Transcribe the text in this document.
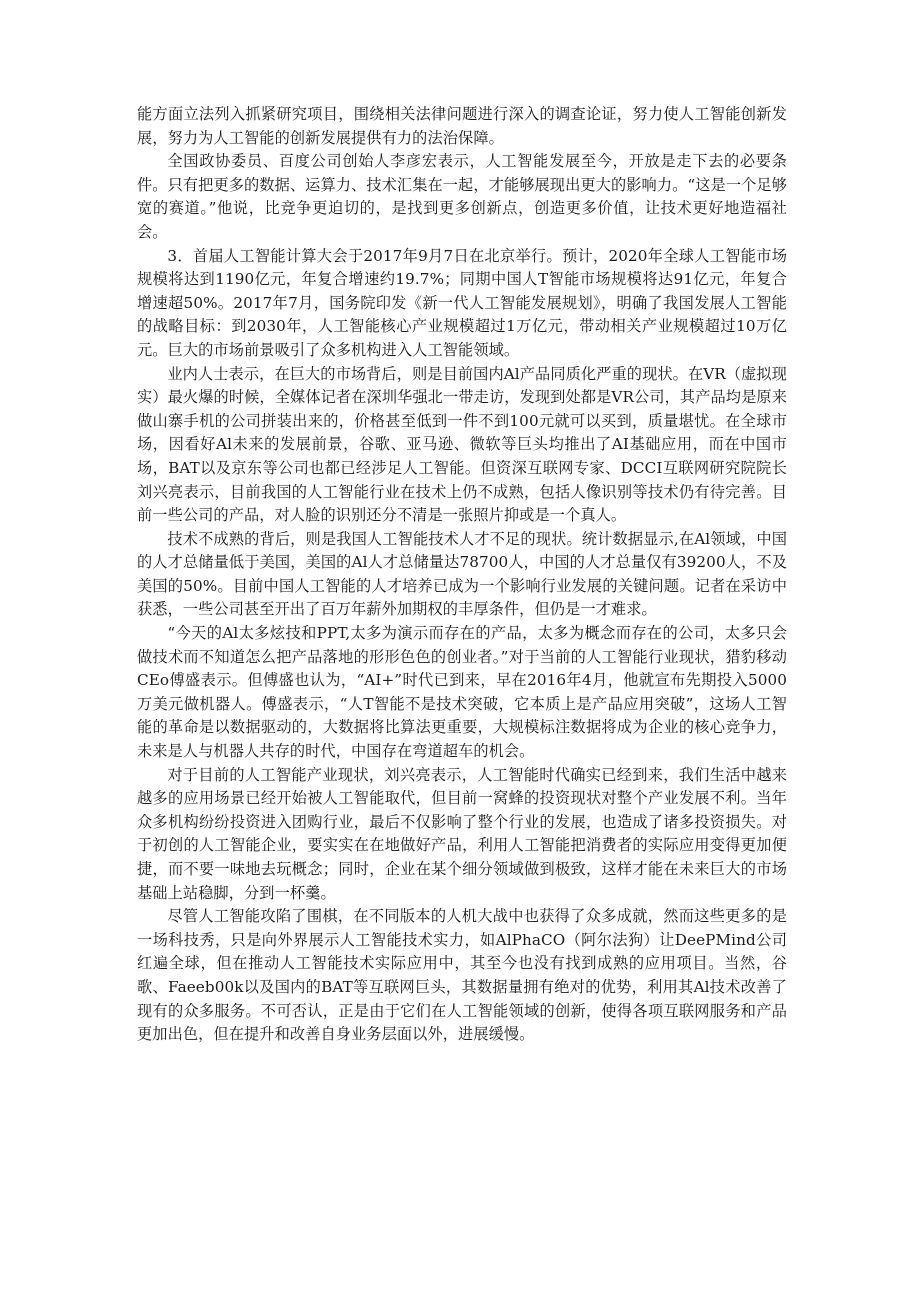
能方面立法列入抓紧研究项目，围绕相关法律问题进行深入的调查论证，努力使人工智能创新发展，努力为人工智能的创新发展提供有力的法治保障。

全国政协委员、百度公司创始人李彦宏表示，人工智能发展至今，开放是走下去的必要条件。只有把更多的数据、运算力、技术汇集在一起，才能够展现出更大的影响力。“这是一个足够宽的赛道。”他说，比竞争更迫切的，是找到更多创新点，创造更多价值，让技术更好地造福社会。

3．首届人工智能计算大会于2017年9月7日在北京举行。预计，2020年全球人工智能市场规模将达到1190亿元，年复合增速约19.7%；同期中国人T智能市场规模将达91亿元，年复合增速超50%。2017年7月，国务院印发《新一代人工智能发展规划》，明确了我国发展人工智能的战略目标：到2030年，人工智能核心产业规模超过1万亿元，带动相关产业规模超过10万亿元。巨大的市场前景吸引了众多机构进入人工智能领域。

业内人士表示，在巨大的市场背后，则是目前国内Al产品同质化严重的现状。在VR（虚拟现实）最火爆的时候，全媒体记者在深圳华强北一带走访，发现到处都是VR公司，其产品均是原来做山寨手机的公司拼装出来的，价格甚至低到一件不到100元就可以买到，质量堪忧。在全球市场，因看好Al未来的发展前景，谷歌、亚马逊、微软等巨头均推出了AI基础应用，而在中国市场，BAT以及京东等公司也都已经涉足人工智能。但资深互联网专家、DCCI互联网研究院院长刘兴亮表示，目前我国的人工智能行业在技术上仍不成熟，包括人像识别等技术仍有待完善。目前一些公司的产品，对人脸的识别还分不清是一张照片抑或是一个真人。

技术不成熟的背后，则是我国人工智能技术人才不足的现状。统计数据显示,在Al领域，中国的人才总储量低于美国，美国的Al人才总储量达78700人，中国的人才总量仅有39200人，不及美国的50%。目前中国人工智能的人才培养已成为一个影响行业发展的关键问题。记者在采访中获悉，一些公司甚至开出了百万年薪外加期权的丰厚条件，但仍是一才难求。

“今天的Al太多炫技和PPT,太多为演示而存在的产品，太多为概念而存在的公司，太多只会做技术而不知道怎么把产品落地的形形色色的创业者。”对于当前的人工智能行业现状，猎豹移动CEo傅盛表示。但傅盛也认为，“AI+”时代已到来，早在2016年4月，他就宣布先期投入5000万美元做机器人。傅盛表示，“人T智能不是技术突破，它本质上是产品应用突破”，这场人工智能的革命是以数据驱动的，大数据将比算法更重要，大规模标注数据将成为企业的核心竞争力，未来是人与机器人共存的时代，中国存在弯道超车的机会。

对于目前的人工智能产业现状，刘兴亮表示，人工智能时代确实已经到来，我们生活中越来越多的应用场景已经开始被人工智能取代，但目前一窝蜂的投资现状对整个产业发展不利。当年众多机构纷纷投资进入团购行业，最后不仅影响了整个行业的发展，也造成了诸多投资损失。对于初创的人工智能企业，要实实在在地做好产品，利用人工智能把消费者的实际应用变得更加便捷，而不要一味地去玩概念；同时，企业在某个细分领域做到极致，这样才能在未来巨大的市场基础上站稳脚，分到一杯羹。

尽管人工智能攻陷了围棋，在不同版本的人机大战中也获得了众多成就，然而这些更多的是一场科技秀，只是向外界展示人工智能技术实力，如AlPhaCO（阿尔法狗）让DeePMind公司红遍全球，但在推动人工智能技术实际应用中，其至今也没有找到成熟的应用项目。当然，谷歌、Faeeb00k以及国内的BAT等互联网巨头，其数据量拥有绝对的优势，利用其Al技术改善了现有的众多服务。不可否认，正是由于它们在人工智能领域的创新，使得各项互联网服务和产品更加出色，但在提升和改善自身业务层面以外，进展缓慢。
